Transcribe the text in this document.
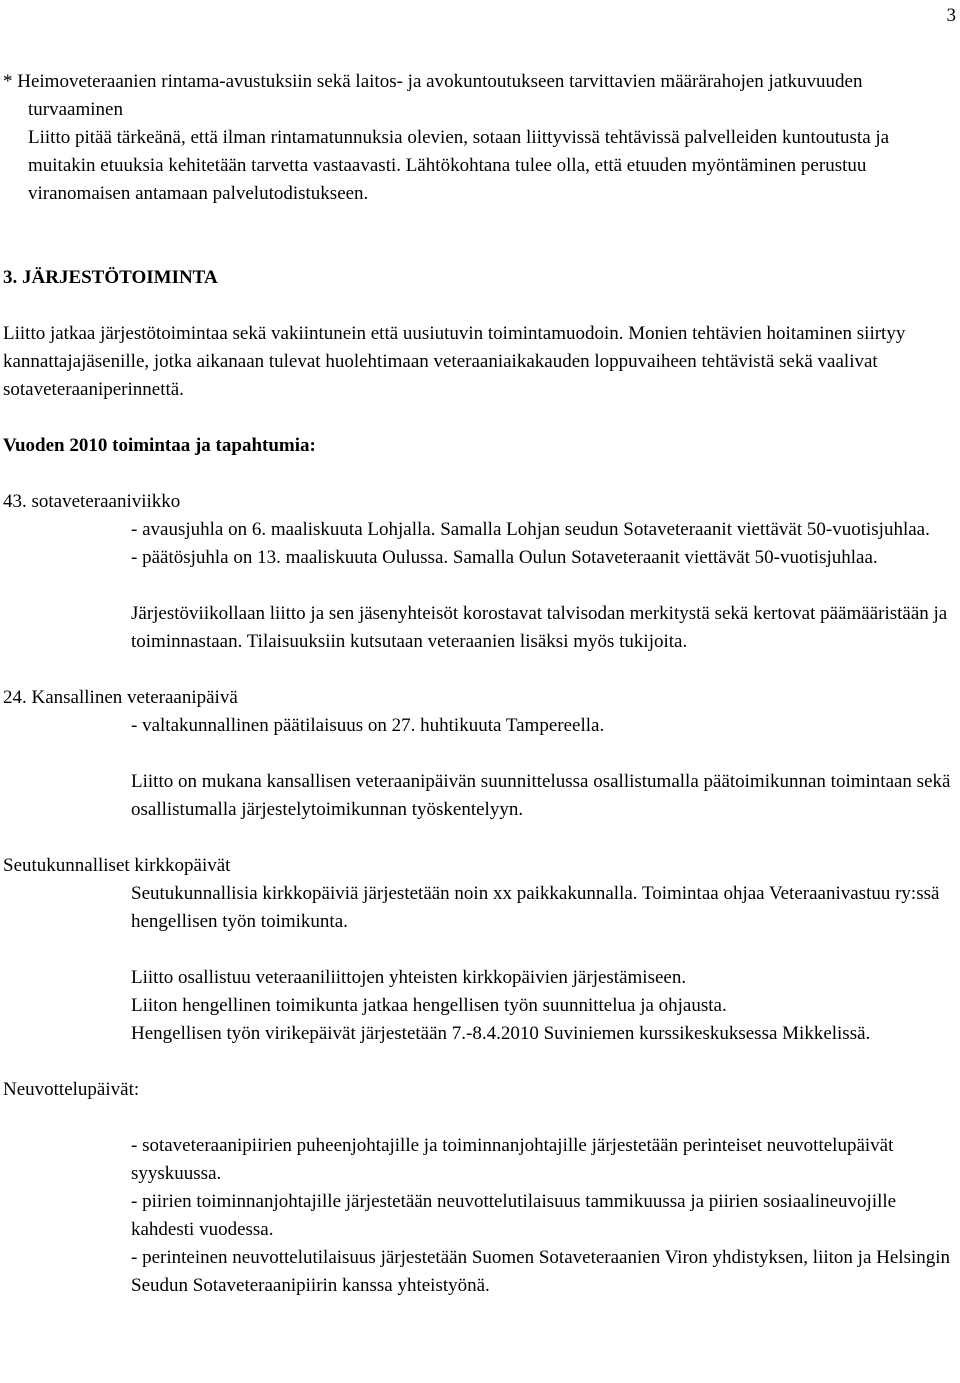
3

* Heimoveteraanien rintama-avustuksiin sekä laitos- ja avokuntoutukseen tarvittavien määrärahojen jatkuvuuden turvaaminen

Liitto pitää tärkeänä, että ilman rintamatunnuksia olevien, sotaan liittyvissä tehtävissä palvelleiden kuntoutusta ja muitakin etuuksia kehitetään tarvetta vastaavasti. Lähtökohtana tulee olla, että etuuden myöntäminen perustuu viranomaisen antamaan palvelutodistukseen.

3. JÄRJESTÖTOIMINTA

Liitto jatkaa järjestötoimintaa sekä vakiintunein että uusiutuvin toimintamuodoin. Monien tehtävien hoitaminen siirtyy kannattajajäsenille, jotka aikanaan tulevat huolehtimaan veteraaniaikakauden loppuvaiheen tehtävistä sekä vaalivat sotaveteraaniperinnettä.

Vuoden 2010 toimintaa ja tapahtumia:

43. sotaveteraaniviikko

- avausjuhla on 6. maaliskuuta Lohjalla. Samalla Lohjan seudun Sotaveteraanit viettävät 50-vuotisjuhlaa.

- päätösjuhla on 13. maaliskuuta Oulussa. Samalla Oulun Sotaveteraanit viettävät 50-vuotisjuhlaa.

Järjestöviikollaan liitto ja sen jäsenyhteisöt korostavat talvisodan merkitystä sekä kertovat päämääristään ja toiminnastaan. Tilaisuuksiin kutsutaan veteraanien lisäksi myös tukijoita.

24. Kansallinen veteraanipäivä

- valtakunnallinen päätilaisuus on 27. huhtikuuta Tampereella.

Liitto on mukana kansallisen veteraanipäivän suunnittelussa osallistumalla päätoimikunnan toimintaan sekä osallistumalla järjestelytoimikunnan työskentelyyn.

Seutukunnalliset kirkkopäivät

Seutukunnallisia kirkkopäiviä järjestetään noin xx paikkakunnalla. Toimintaa ohjaa Veteraanivastuu ry:ssä hengellisen työn toimikunta.

Liitto osallistuu veteraaniliittojen yhteisten kirkkopäivien järjestämiseen.

Liiton hengellinen toimikunta jatkaa hengellisen työn suunnittelua ja ohjausta.

Hengellisen työn virikepäivät järjestetään 7.-8.4.2010 Suviniemen kurssikeskuksessa Mikkelissä.

Neuvottelupäivät:

- sotaveteraanipiirien puheenjohtajille ja toiminnanjohtajille järjestetään perinteiset neuvottelupäivät syyskuussa.

- piirien toiminnanjohtajille järjestetään neuvottelutilaisuus tammikuussa ja piirien sosiaalineuvojille kahdesti vuodessa.

- perinteinen neuvottelutilaisuus järjestetään Suomen Sotaveteraanien Viron yhdistyksen, liiton ja Helsingin Seudun Sotaveteraanipiirin kanssa yhteistyönä.
